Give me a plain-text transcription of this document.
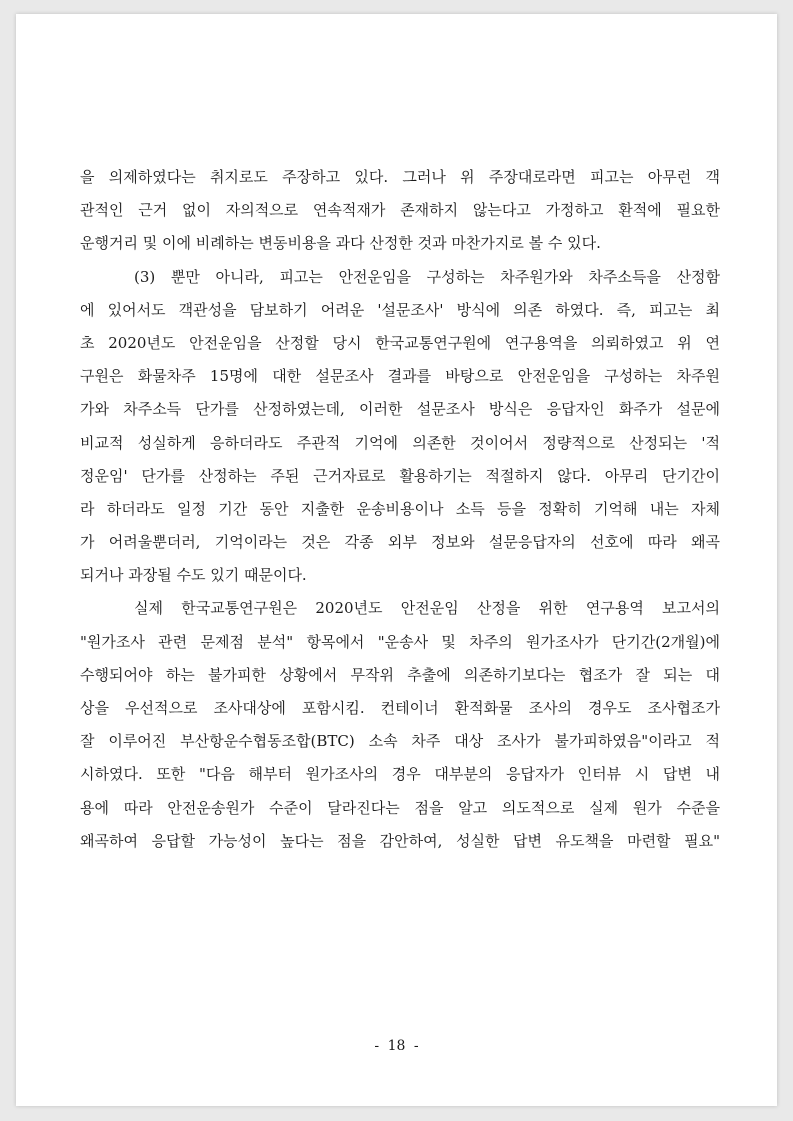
을 의제하였다는 취지로도 주장하고 있다. 그러나 위 주장대로라면 피고는 아무런 객
관적인 근거 없이 자의적으로 연속적재가 존재하지 않는다고 가정하고 환적에 필요한
운행거리 및 이에 비례하는 변동비용을 과다 산정한 것과 마찬가지로 볼 수 있다.
(3) 뿐만 아니라, 피고는 안전운임을 구성하는 차주원가와 차주소득을 산정함
에 있어서도 객관성을 담보하기 어려운 '설문조사' 방식에 의존 하였다. 즉, 피고는 최
초 2020년도 안전운임을 산정할 당시 한국교통연구원에 연구용역을 의뢰하였고 위 연
구원은 화물차주 15명에 대한 설문조사 결과를 바탕으로 안전운임을 구성하는 차주원
가와 차주소득 단가를 산정하였는데, 이러한 설문조사 방식은 응답자인 화주가 설문에
비교적 성실하게 응하더라도 주관적 기억에 의존한 것이어서 정량적으로 산정되는 '적
정운임' 단가를 산정하는 주된 근거자료로 활용하기는 적절하지 않다. 아무리 단기간이
라 하더라도 일정 기간 동안 지출한 운송비용이나 소득 등을 정확히 기억해 내는 자체
가 어려울뿐더러, 기억이라는 것은 각종 외부 정보와 설문응답자의 선호에 따라 왜곡
되거나 과장될 수도 있기 때문이다.
실제 한국교통연구원은 2020년도 안전운임 산정을 위한 연구용역 보고서의
"원가조사 관련 문제점 분석" 항목에서 "운송사 및 차주의 원가조사가 단기간(2개월)에
수행되어야 하는 불가피한 상황에서 무작위 추출에 의존하기보다는 협조가 잘 되는 대
상을 우선적으로 조사대상에 포함시킴. 컨테이너 환적화물 조사의 경우도 조사협조가
잘 이루어진 부산항운수협동조합(BTC) 소속 차주 대상 조사가 불가피하였음"이라고 적
시하였다. 또한 "다음 해부터 원가조사의 경우 대부분의 응답자가 인터뷰 시 답변 내
용에 따라 안전운송원가 수준이 달라진다는 점을 알고 의도적으로 실제 원가 수준을
왜곡하여 응답할 가능성이 높다는 점을 감안하여, 성실한 답변 유도책을 마련할 필요"
- 18 -
